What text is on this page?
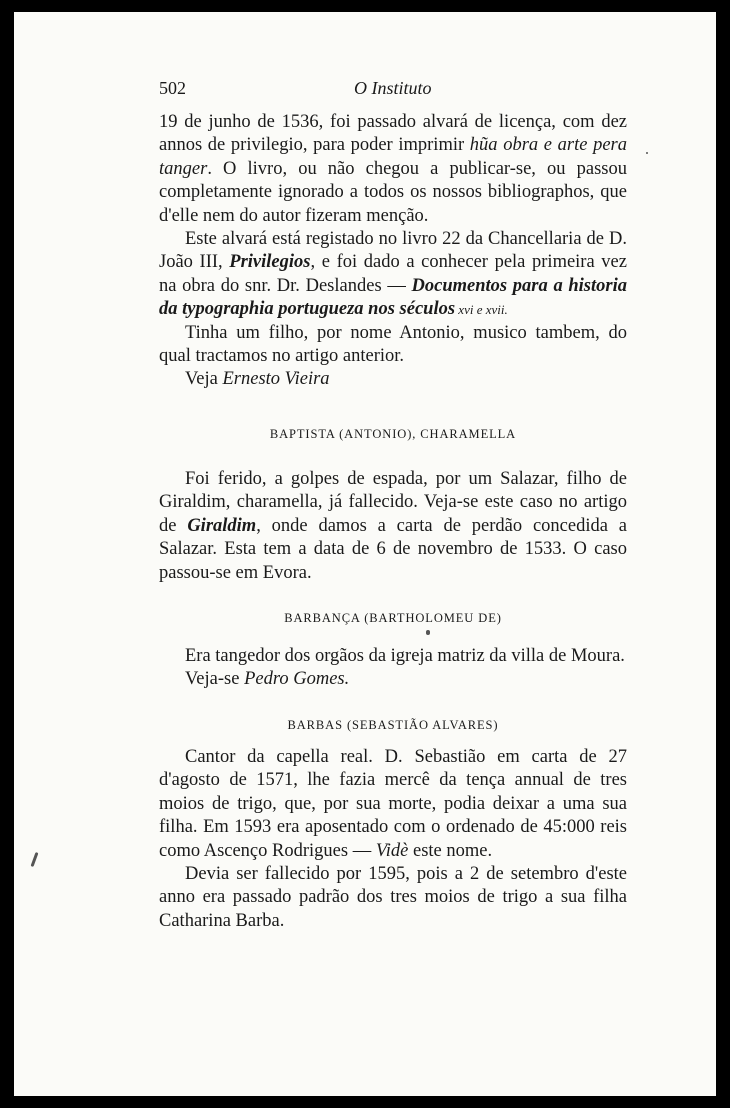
502	O Instituto

19 de junho de 1536, foi passado alvará de licença, com dez annos de privilegio, para poder imprimir hũa obra e arte pera tanger. O livro, ou não chegou a publicar-se, ou passou completamente ignorado a todos os nossos bibliographos, que d'elle nem do autor fizeram menção.

Este alvará está registado no livro 22 da Chancellaria de D. João III, Privilegios, e foi dado a conhecer pela primeira vez na obra do snr. Dr. Deslandes — Documentos para a historia da typographia portugueza nos séculos xvi e xvii.

Tinha um filho, por nome Antonio, musico tambem, do qual tractamos no artigo anterior.

Veja Ernesto Vieira

BAPTISTA (ANTONIO), CHARAMELLA

Foi ferido, a golpes de espada, por um Salazar, filho de Giraldim, charamella, já fallecido. Veja-se este caso no artigo de Giraldim, onde damos a carta de perdão concedida a Salazar. Esta tem a data de 6 de novembro de 1533. O caso passou-se em Evora.

BARBANÇA (BARTHOLOMEU DE)

Era tangedor dos orgãos da igreja matriz da villa de Moura.

Veja-se Pedro Gomes.

BARBAS (SEBASTIÃO ALVARES)

Cantor da capella real. D. Sebastião em carta de 27 d'agosto de 1571, lhe fazia mercê da tença annual de tres moios de trigo, que, por sua morte, podia deixar a uma sua filha. Em 1593 era aposentado com o ordenado de 45:000 reis como Ascenço Rodrigues — Vidè este nome.

Devia ser fallecido por 1595, pois a 2 de setembro d'este anno era passado padrão dos tres moios de trigo a sua filha Catharina Barba.
